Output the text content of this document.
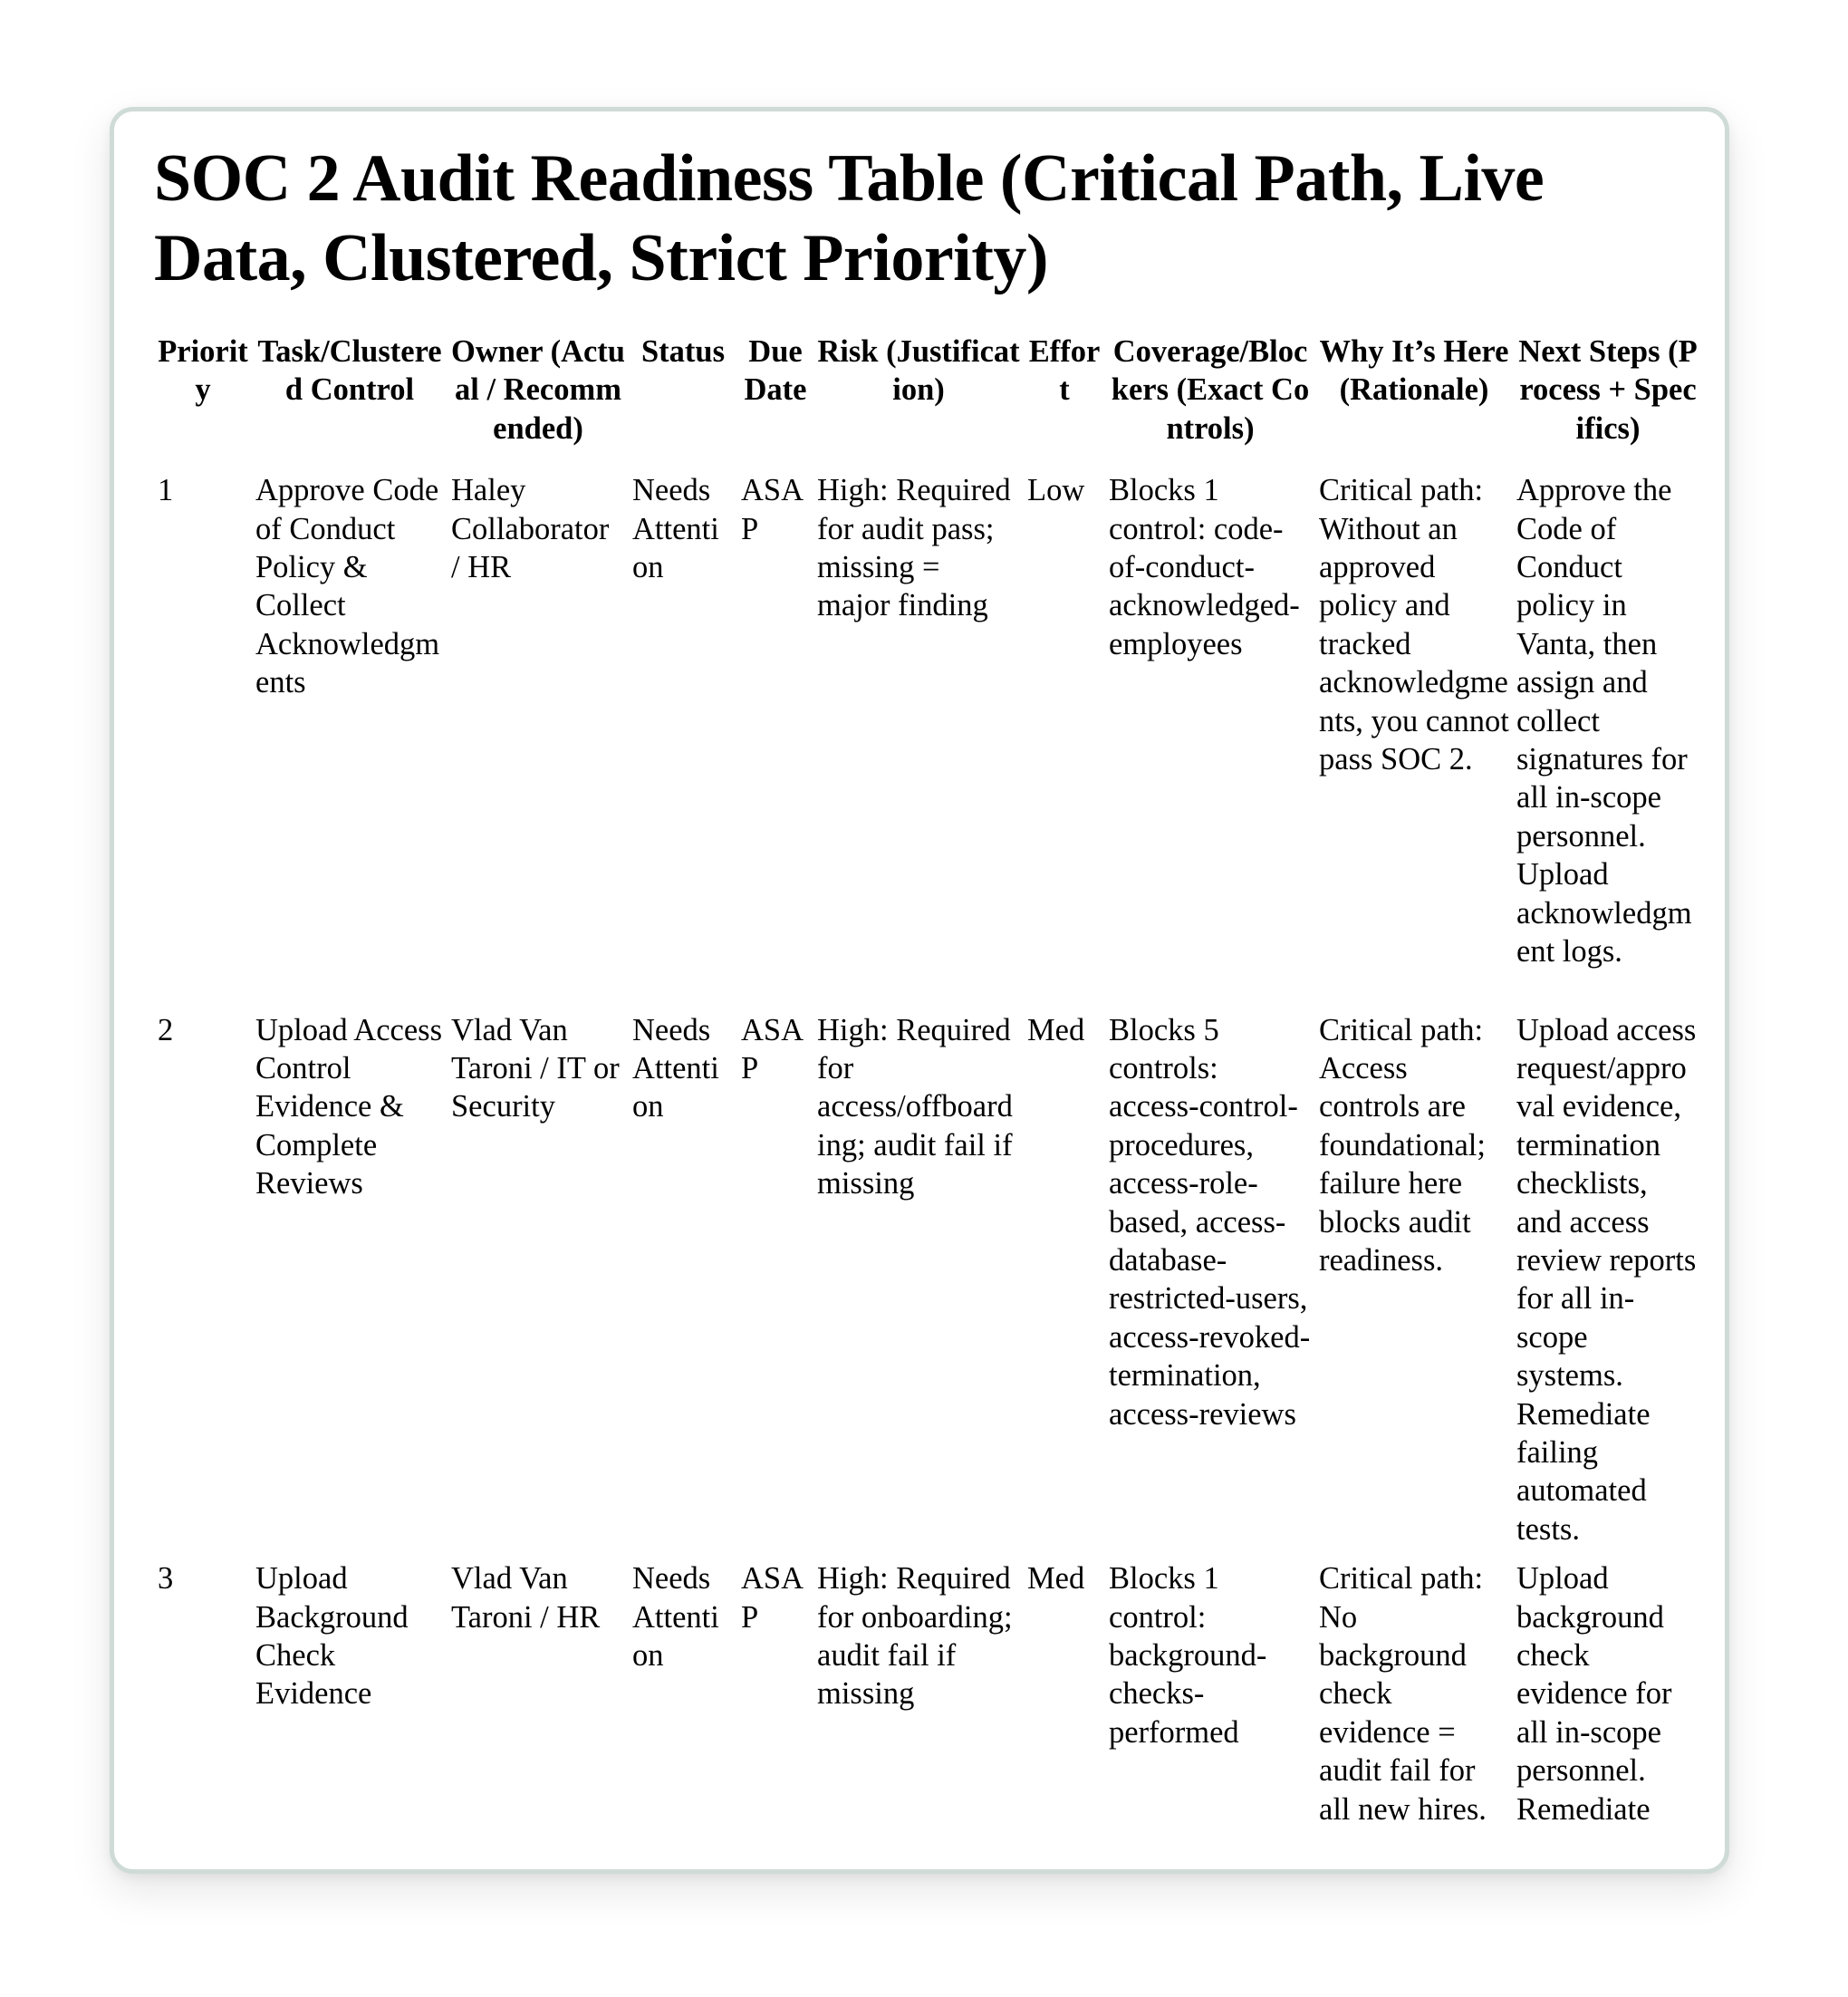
SOC 2 Audit Readiness Table (Critical Path, Live Data, Clustered, Strict Priority)
Priority	Task/Clustered Control	Owner (Actual / Recommended)	Status	Due Date	Risk (Justification)	Effort	Coverage/Blockers (Exact Controls)	Why It’s Here (Rationale)	Next Steps (Process + Specifics)
1	Approve Code of Conduct Policy & Collect Acknowledgments	Haley Collaborator / HR	Needs Attention	ASAP	High: Required for audit pass; missing = major finding	Low	Blocks 1 control: code-of-conduct-acknowledged-employees	Critical path: Without an approved policy and tracked acknowledgments, you cannot pass SOC 2.	Approve the Code of Conduct policy in Vanta, then assign and collect signatures for all in-scope personnel. Upload acknowledgment logs.
2	Upload Access Control Evidence & Complete Reviews	Vlad Van Taroni / IT or Security	Needs Attention	ASAP	High: Required for access/offboarding; audit fail if missing	Med	Blocks 5 controls: access-control-procedures, access-role-based, access-database-restricted-users, access-revoked-termination, access-reviews	Critical path: Access controls are foundational; failure here blocks audit readiness.	Upload access request/approval evidence, termination checklists, and access review reports for all in-scope systems. Remediate failing automated tests.
3	Upload Background Check Evidence	Vlad Van Taroni / HR	Needs Attention	ASAP	High: Required for onboarding; audit fail if missing	Med	Blocks 1 control: background-checks-performed	Critical path: No background check evidence = audit fail for all new hires.	Upload background check evidence for all in-scope personnel. Remediate
